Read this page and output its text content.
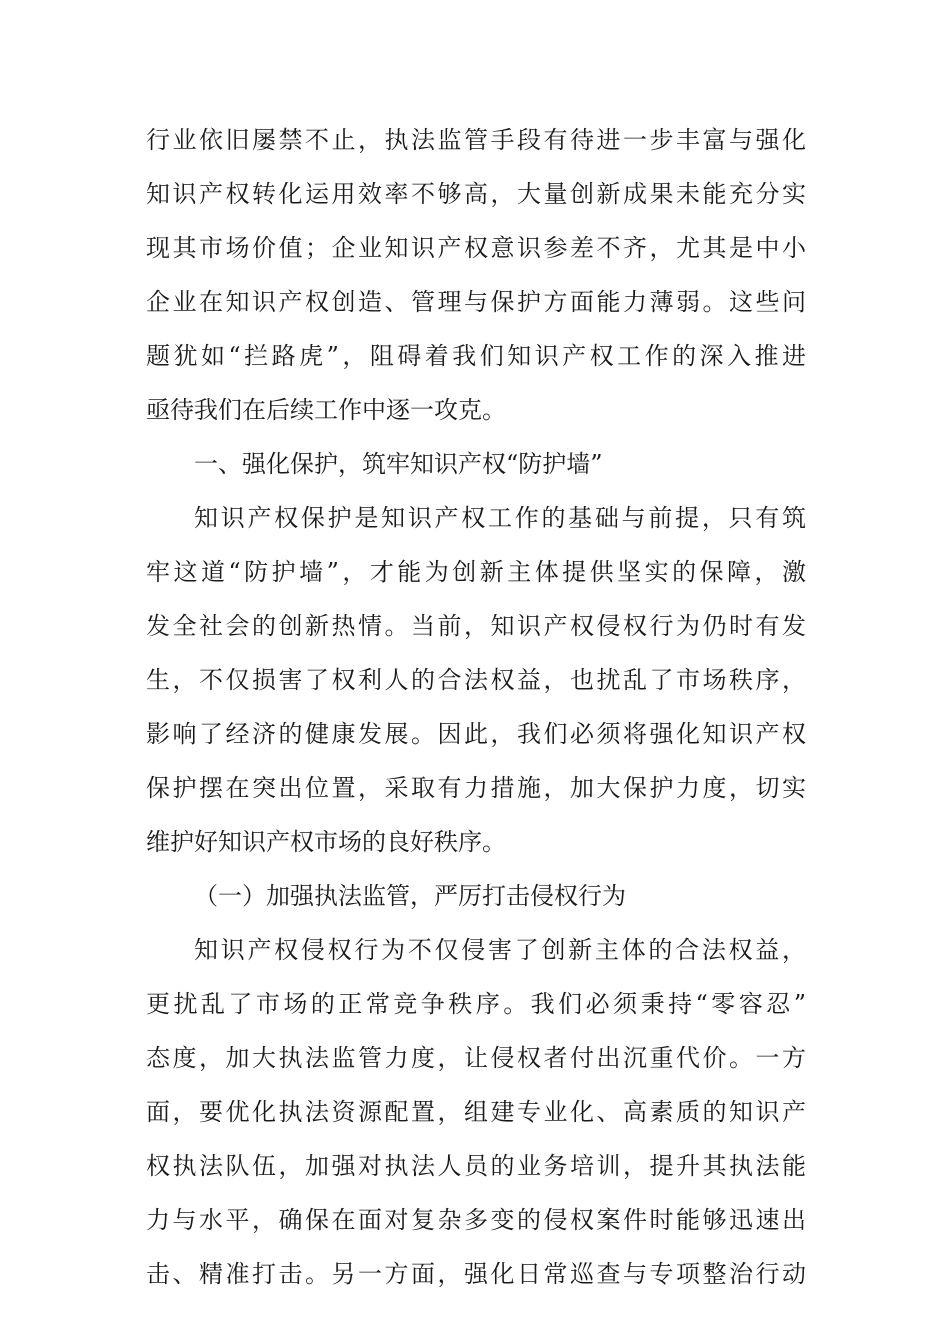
行业依旧屡禁不止，执法监管手段有待进一步丰富与强化
知识产权转化运用效率不够高，大量创新成果未能充分实
现其市场价值；企业知识产权意识参差不齐，尤其是中小
企业在知识产权创造、管理与保护方面能力薄弱。这些问
题犹如“拦路虎”，阻碍着我们知识产权工作的深入推进
亟待我们在后续工作中逐一攻克。
一、强化保护，筑牢知识产权“防护墙”
知识产权保护是知识产权工作的基础与前提，只有筑
牢这道“防护墙”，才能为创新主体提供坚实的保障，激
发全社会的创新热情。当前，知识产权侵权行为仍时有发
生，不仅损害了权利人的合法权益，也扰乱了市场秩序，
影响了经济的健康发展。因此，我们必须将强化知识产权
保护摆在突出位置，采取有力措施，加大保护力度，切实
维护好知识产权市场的良好秩序。
（一）加强执法监管，严厉打击侵权行为
知识产权侵权行为不仅侵害了创新主体的合法权益，
更扰乱了市场的正常竞争秩序。我们必须秉持“零容忍”
态度，加大执法监管力度，让侵权者付出沉重代价。一方
面，要优化执法资源配置，组建专业化、高素质的知识产
权执法队伍，加强对执法人员的业务培训，提升其执法能
力与水平，确保在面对复杂多变的侵权案件时能够迅速出
击、精准打击。另一方面，强化日常巡查与专项整治行动
